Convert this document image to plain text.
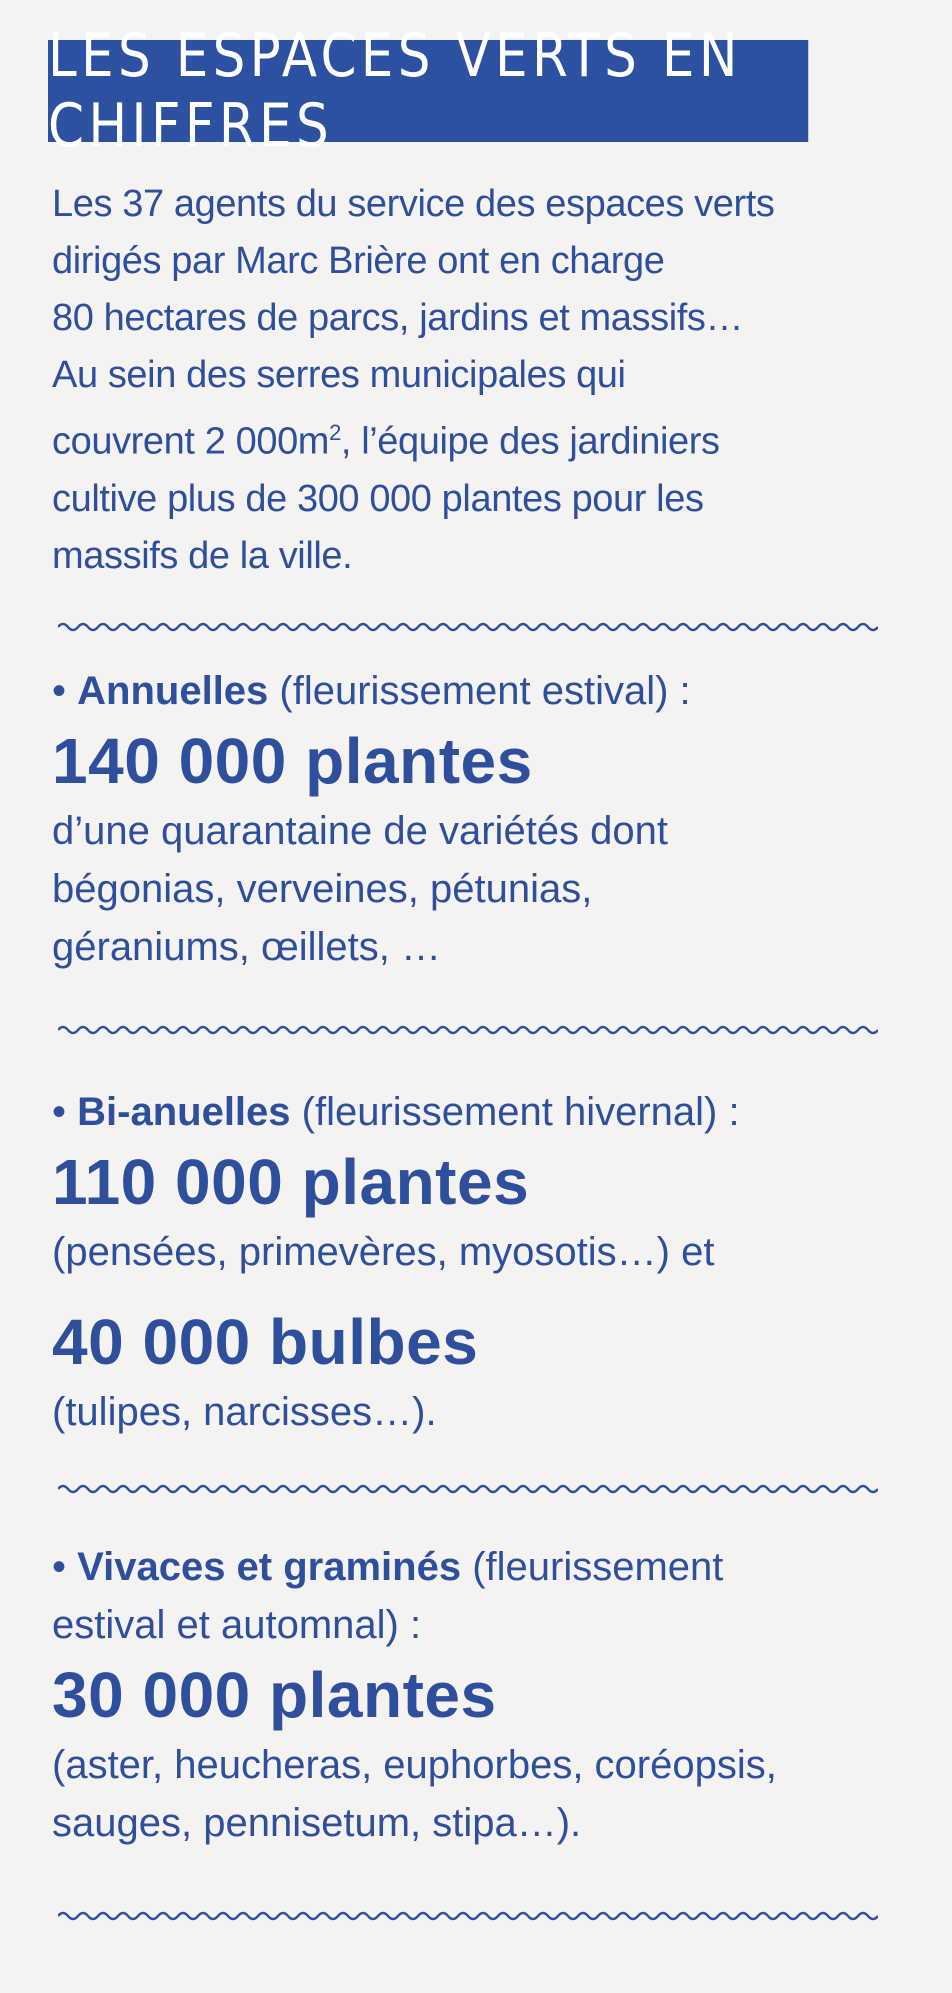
LES ESPACES VERTS EN CHIFFRES

Les 37 agents du service des espaces verts

dirigés par Marc Brière ont en charge

80 hectares de parcs, jardins et massifs…

Au sein des serres municipales qui

couvrent 2 $000m^2$, l’équipe des jardiniers

cultive plus de 300 000 plantes pour les

massifs de la ville.

• Annuelles (fleurissement estival) :

140 000 plantes

d’une quarantaine de variétés dont

bégonias, verveines, pétunias,

géraniums, œillets, …

• Bi-anuelles (fleurissement hivernal) :

110 000 plantes

(pensées, primevères, myosotis…) et

40 000 bulbes

(tulipes, narcisses…).

• Vivaces et graminés (fleurissement

estival et automnal) :

30 000 plantes

(aster, heucheras, euphorbes, coréopsis,

sauges, pennisetum, stipa…).
